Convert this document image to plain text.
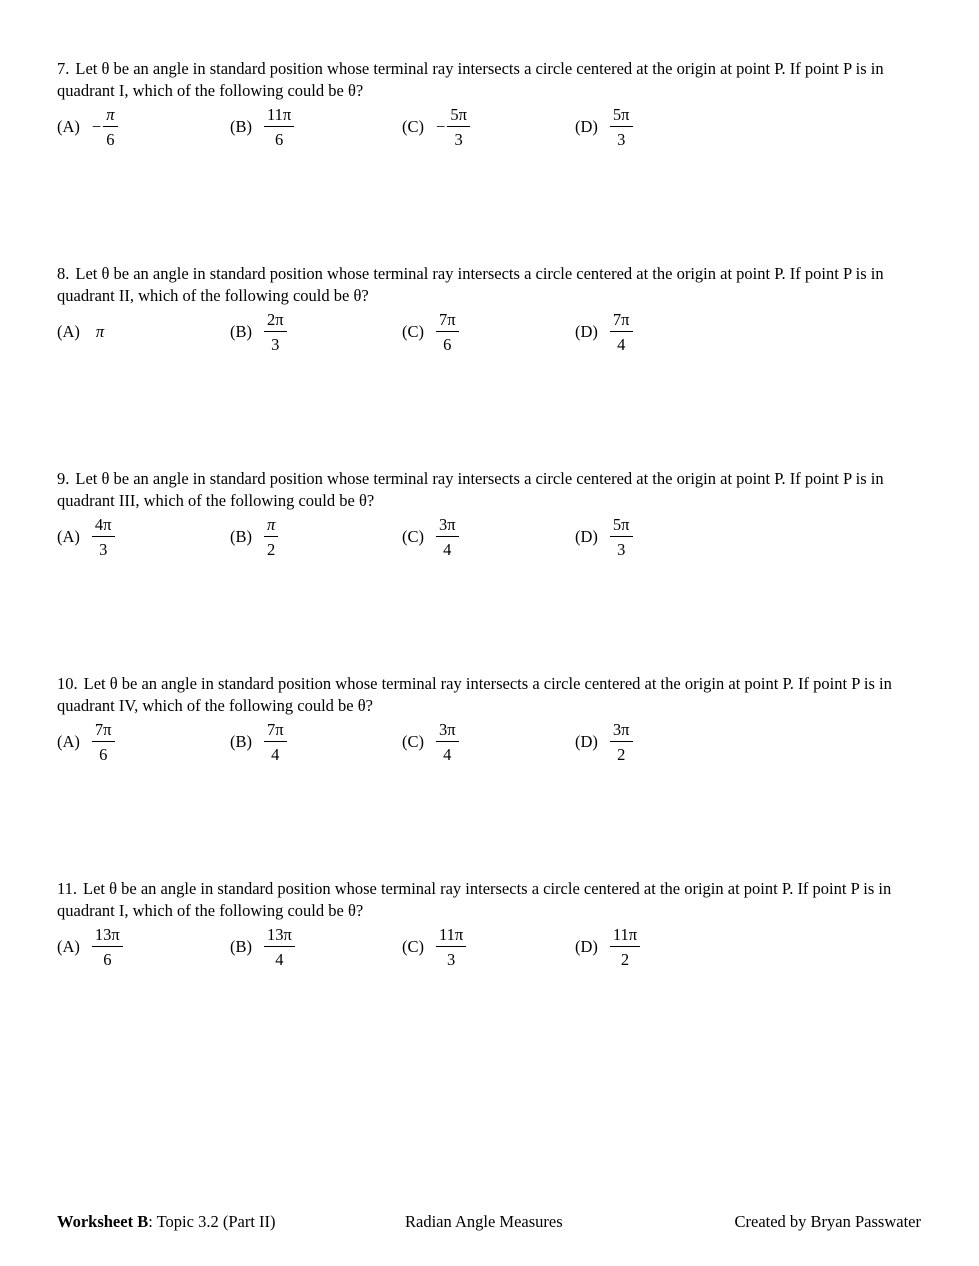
7. Let θ be an angle in standard position whose terminal ray intersects a circle centered at the origin at point P. If point P is in quadrant I, which of the following could be θ?

$(A) - \frac{\pi}{6}$	$(B) \frac{11\pi}{6}$	$(C) - \frac{5\pi}{3}$	$(D) \frac{5\pi}{3}$

8. Let θ be an angle in standard position whose terminal ray intersects a circle centered at the origin at point P. If point P is in quadrant II, which of the following could be θ?

(A) π	$(B) \frac{2\pi}{3}$	$(C) \frac{7\pi}{6}$	$(D) \frac{7\pi}{4}$

9. Let θ be an angle in standard position whose terminal ray intersects a circle centered at the origin at point P. If point P is in quadrant III, which of the following could be θ?

$(A) \frac{4\pi}{3}$	$(B) \frac{\pi}{2}$	$(C) \frac{3\pi}{4}$	$(D) \frac{5\pi}{3}$

10. Let θ be an angle in standard position whose terminal ray intersects a circle centered at the origin at point P. If point P is in quadrant IV, which of the following could be θ?

$(A) \frac{7\pi}{6}$	$(B) \frac{7\pi}{4}$	$(C) \frac{3\pi}{4}$	$(D) \frac{3\pi}{2}$

11. Let θ be an angle in standard position whose terminal ray intersects a circle centered at the origin at point P. If point P is in quadrant I, which of the following could be θ?

$(A) \frac{13\pi}{6}$	$(B) \frac{13\pi}{4}$	$(C) \frac{11\pi}{3}$	$(D) \frac{11\pi}{2}$
Worksheet B: Topic 3.2 (Part II)	Radian Angle Measures	Created by Bryan Passwater
